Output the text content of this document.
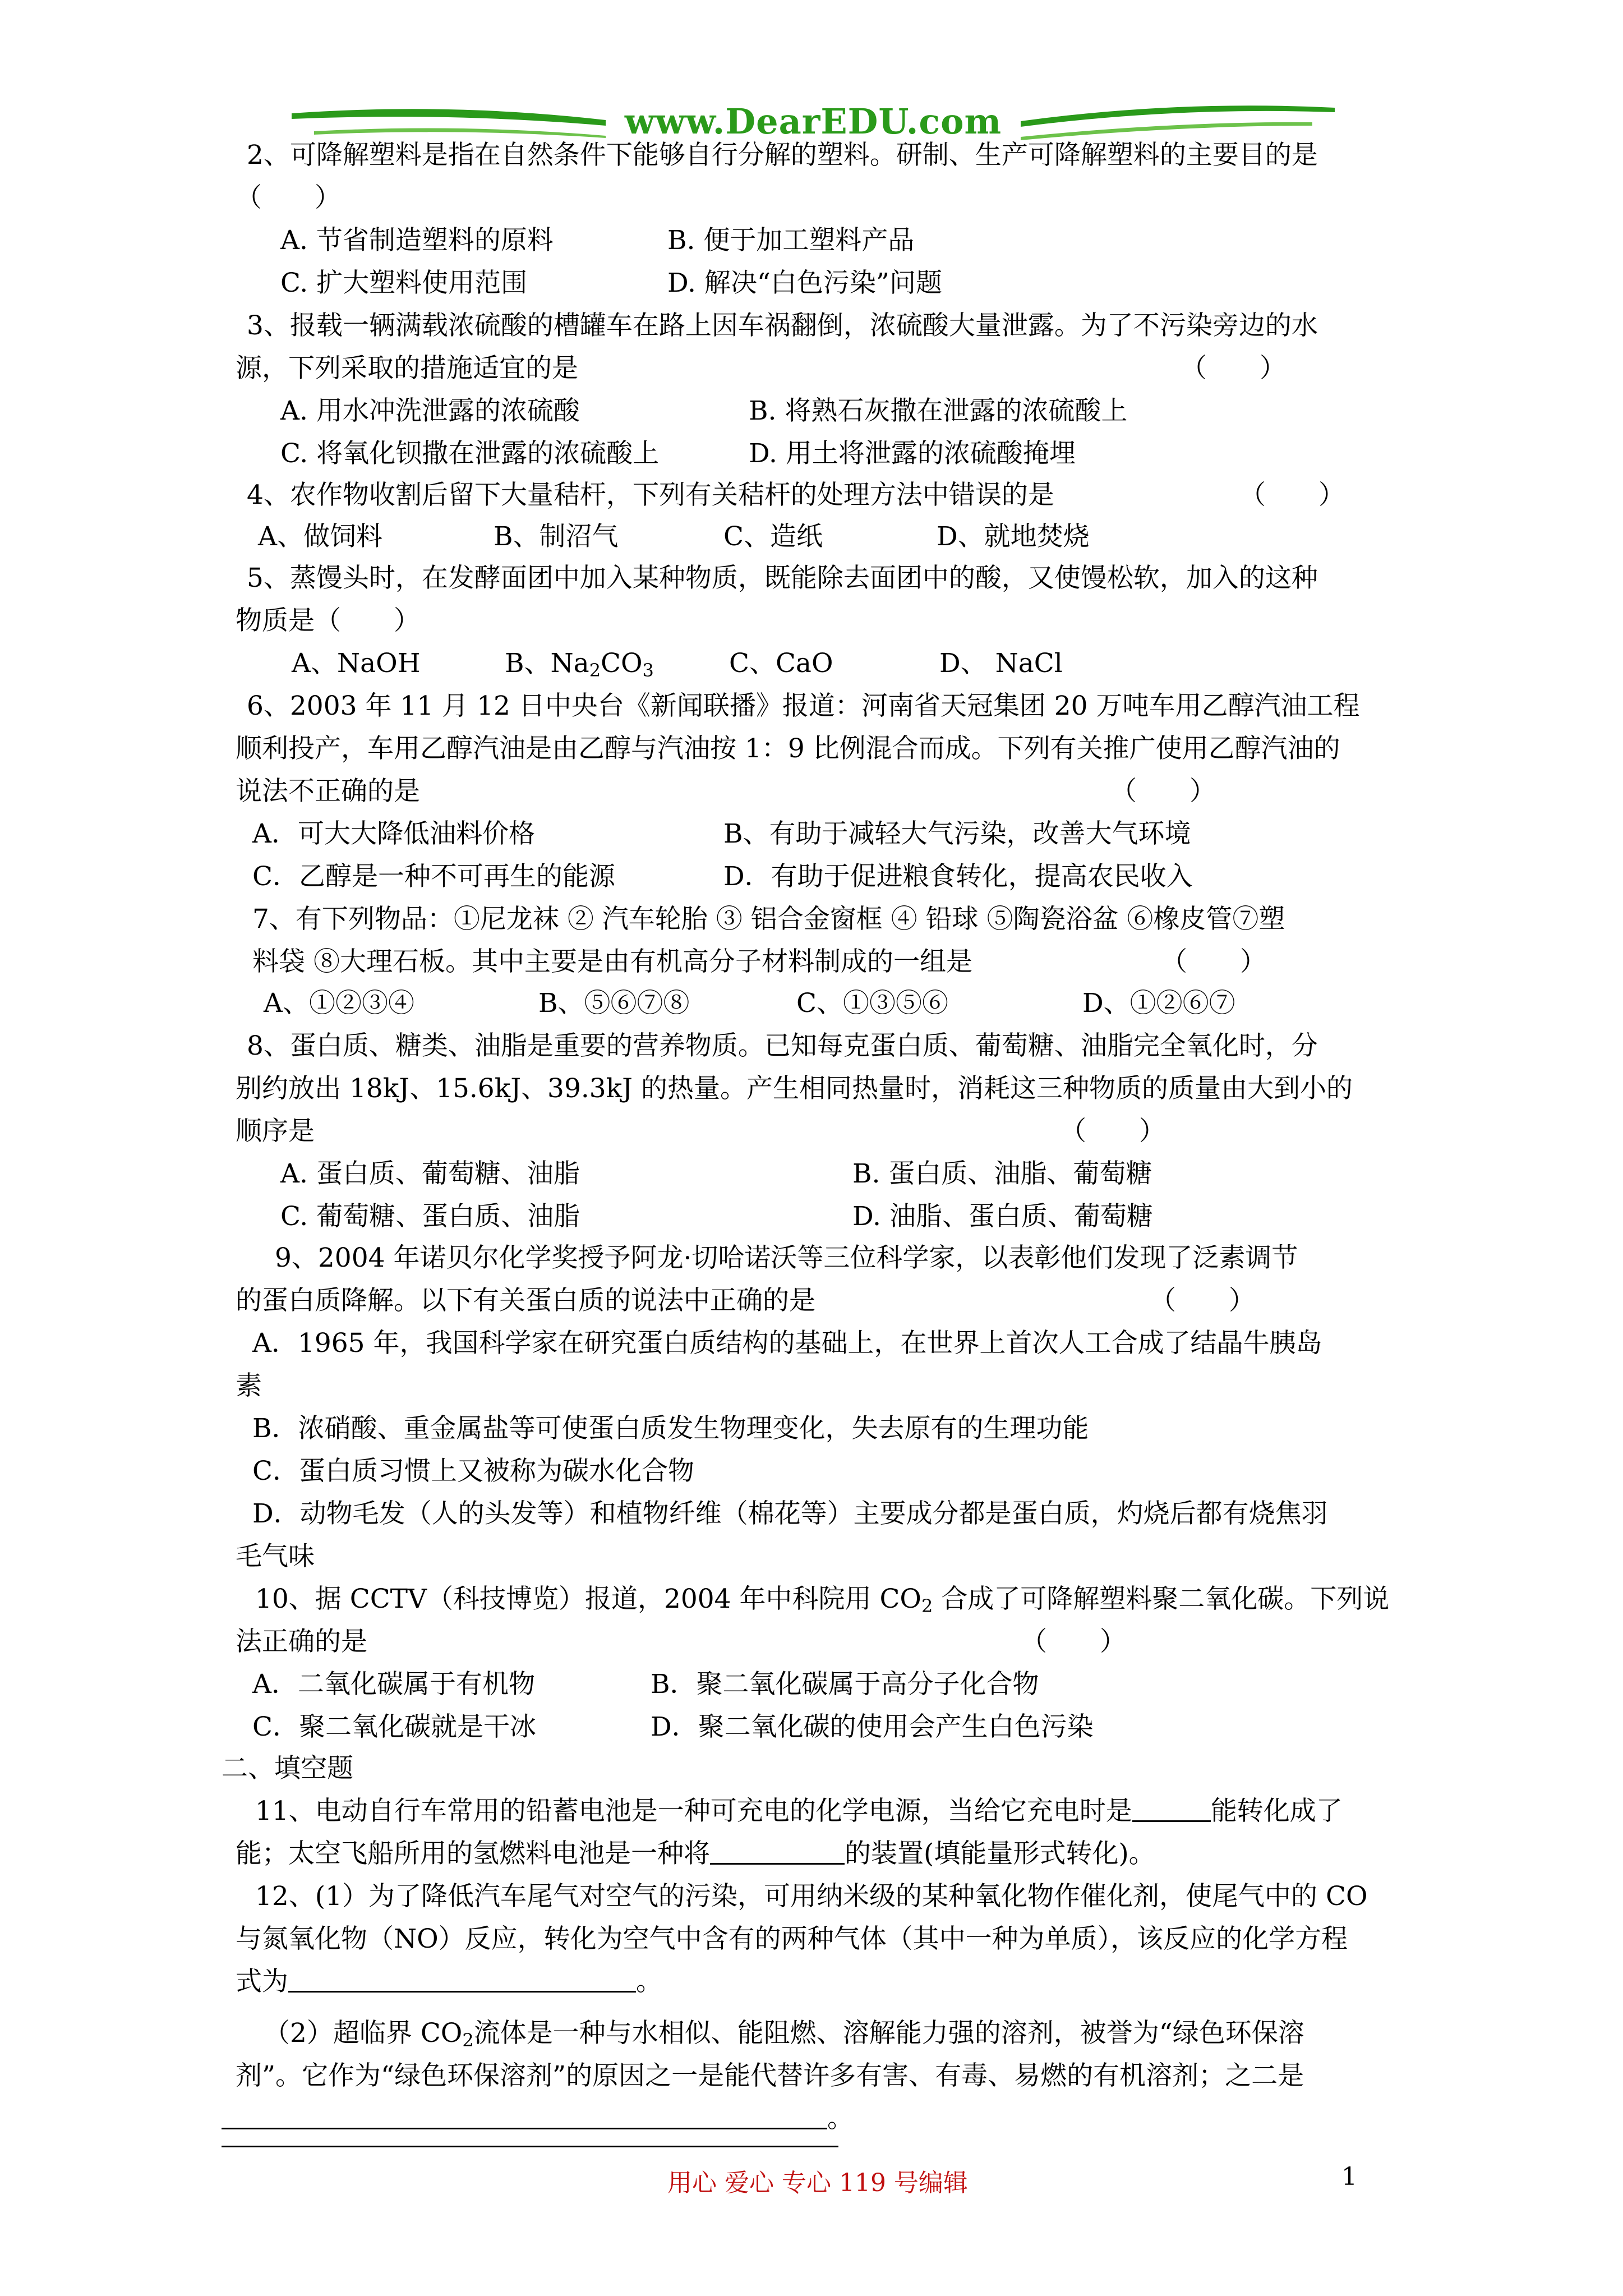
www.DearEDU.com
2、可降解塑料是指在自然条件下能够自行分解的塑料。研制、生产可降解塑料的主要目的是
（　　）
A. 节省制造塑料的原料	B. 便于加工塑料产品
C. 扩大塑料使用范围	D. 解决“白色污染”问题
3、报载一辆满载浓硫酸的槽罐车在路上因车祸翻倒，浓硫酸大量泄露。为了不污染旁边的水
源，下列采取的措施适宜的是	（　　）
A. 用水冲洗泄露的浓硫酸	B. 将熟石灰撒在泄露的浓硫酸上
C. 将氧化钡撒在泄露的浓硫酸上	D. 用土将泄露的浓硫酸掩埋
4、农作物收割后留下大量秸杆，下列有关秸杆的处理方法中错误的是	（　　）
A、做饲料	B、制沼气	C、造纸	D、就地焚烧
5、蒸馒头时，在发酵面团中加入某种物质，既能除去面团中的酸，又使馒松软，加入的这种
物质是（　　）
A、NaOH	B、$Na_2CO_3$	C、CaO	D、 NaCl
6、2003 年 11 月 12 日中央台《新闻联播》报道：河南省天冠集团 20 万吨车用乙醇汽油工程
顺利投产，车用乙醇汽油是由乙醇与汽油按 1：9 比例混合而成。下列有关推广使用乙醇汽油的
说法不正确的是	（　　）
A．可大大降低油料价格	B、有助于减轻大气污染，改善大气环境
C．乙醇是一种不可再生的能源	D．有助于促进粮食转化，提高农民收入
7、有下列物品：①尼龙袜 ② 汽车轮胎 ③ 铝合金窗框 ④ 铅球 ⑤陶瓷浴盆 ⑥橡皮管⑦塑
料袋 ⑧大理石板。其中主要是由有机高分子材料制成的一组是	（　　）
A、①②③④	B、⑤⑥⑦⑧	C、①③⑤⑥	D、①②⑥⑦
8、蛋白质、糖类、油脂是重要的营养物质。已知每克蛋白质、葡萄糖、油脂完全氧化时，分
别约放出 18kJ、15.6kJ、39.3kJ 的热量。产生相同热量时，消耗这三种物质的质量由大到小的
顺序是	（　　）
A. 蛋白质、葡萄糖、油脂	B. 蛋白质、油脂、葡萄糖
C. 葡萄糖、蛋白质、油脂	D. 油脂、蛋白质、葡萄糖
9、2004 年诺贝尔化学奖授予阿龙·切哈诺沃等三位科学家，以表彰他们发现了泛素调节
的蛋白质降解。以下有关蛋白质的说法中正确的是	（　　）
A．1965 年，我国科学家在研究蛋白质结构的基础上，在世界上首次人工合成了结晶牛胰岛
素
B．浓硝酸、重金属盐等可使蛋白质发生物理变化，失去原有的生理功能
C．蛋白质习惯上又被称为碳水化合物
D．动物毛发（人的头发等）和植物纤维（棉花等）主要成分都是蛋白质，灼烧后都有烧焦羽
毛气味
10、据 CCTV（科技博览）报道，2004 年中科院用 $CO_2$ 合成了可降解塑料聚二氧化碳。下列说
法正确的是	（　　）
A．二氧化碳属于有机物	B．聚二氧化碳属于高分子化合物
C．聚二氧化碳就是干冰	D．聚二氧化碳的使用会产生白色污染
二、填空题
11、电动自行车常用的铅蓄电池是一种可充电的化学电源，当给它充电时是	能转化成了
能；太空飞船所用的氢燃料电池是一种将	的装置(填能量形式转化)。
12、(1）为了降低汽车尾气对空气的污染，可用纳米级的某种氧化物作催化剂，使尾气中的 CO
与氮氧化物（NO）反应，转化为空气中含有的两种气体（其中一种为单质），该反应的化学方程
式为	。
（2）超临界 $CO_2$流体是一种与水相似、能阻燃、溶解能力强的溶剂，被誉为“绿色环保溶
剂”。它作为“绿色环保溶剂”的原因之一是能代替许多有害、有毒、易燃的有机溶剂；之二是
。
用心 爱心 专心 119 号编辑	1
